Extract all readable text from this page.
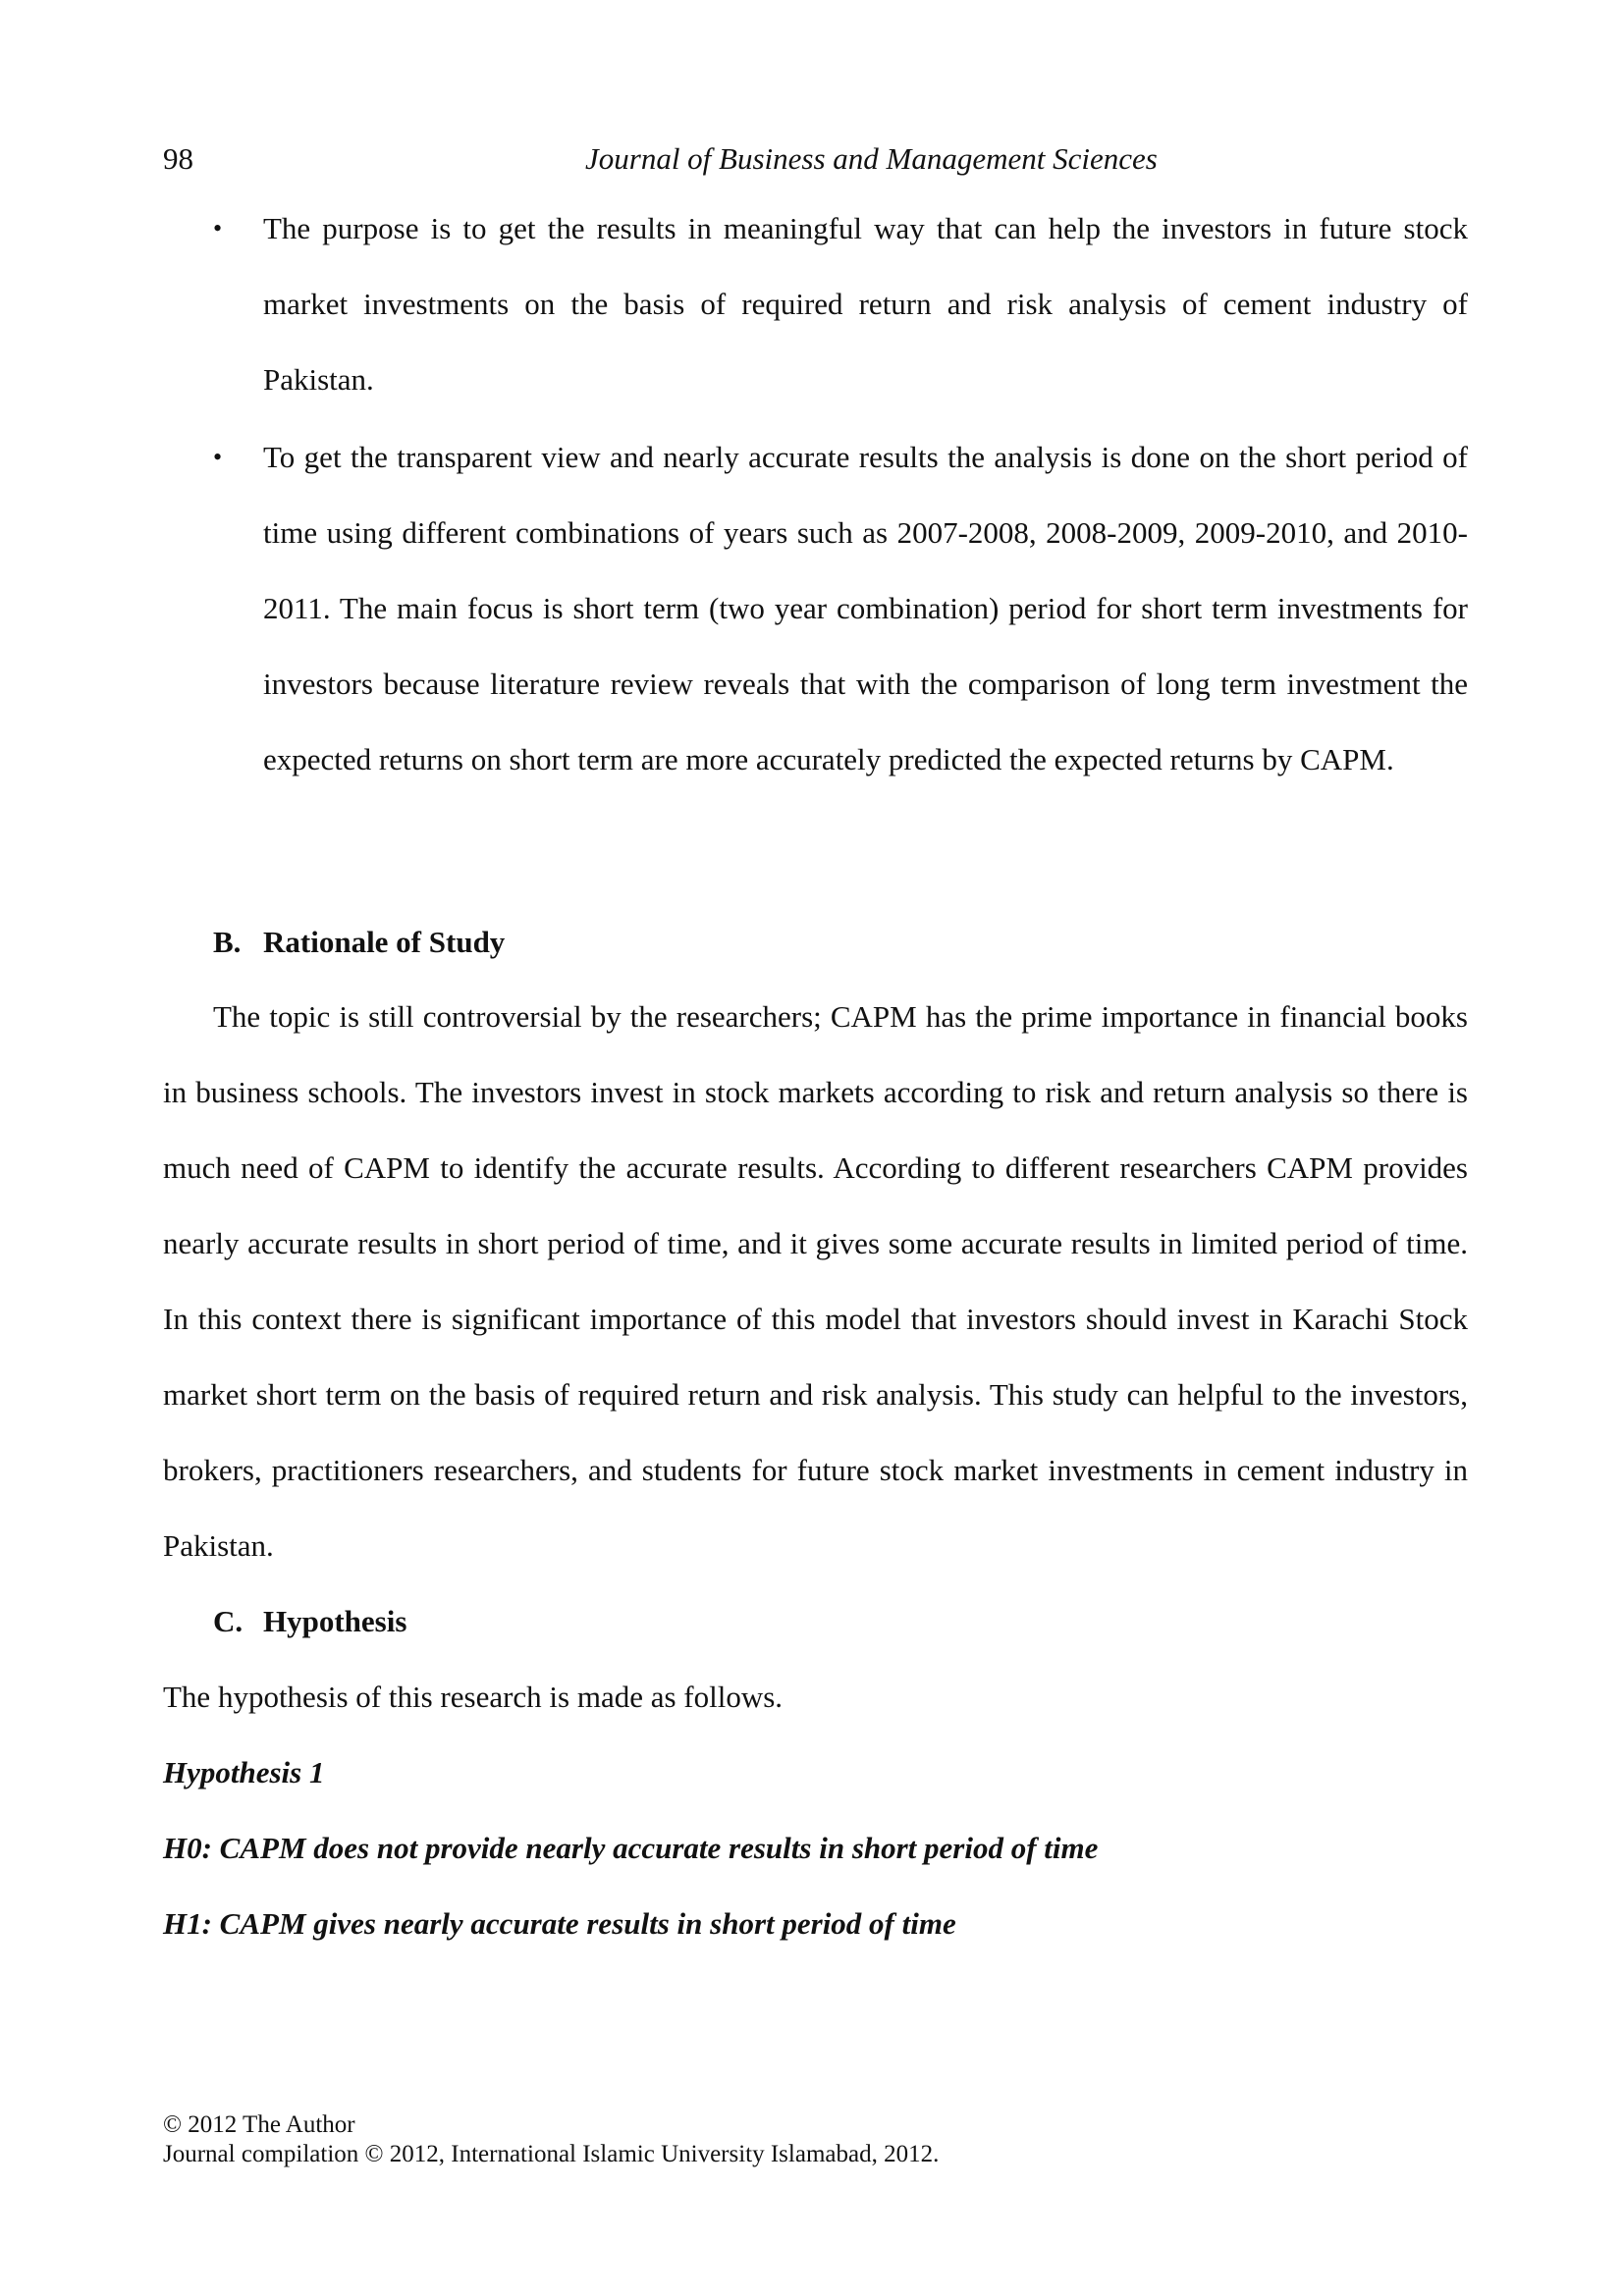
98	Journal of Business and Management Sciences
• The purpose is to get the results in meaningful way that can help the investors in future stock market investments on the basis of required return and risk analysis of cement industry of Pakistan.
• To get the transparent view and nearly accurate results the analysis is done on the short period of time using different combinations of years such as 2007-2008, 2008-2009, 2009-2010, and 2010-2011. The main focus is short term (two year combination) period for short term investments for investors because literature review reveals that with the comparison of long term investment the expected returns on short term are more accurately predicted the expected returns by CAPM.
B. Rationale of Study

The topic is still controversial by the researchers; CAPM has the prime importance in financial books in business schools. The investors invest in stock markets according to risk and return analysis so there is much need of CAPM to identify the accurate results. According to different researchers CAPM provides nearly accurate results in short period of time, and it gives some accurate results in limited period of time. In this context there is significant importance of this model that investors should invest in Karachi Stock market short term on the basis of required return and risk analysis. This study can helpful to the investors, brokers, practitioners researchers, and students for future stock market investments in cement industry in Pakistan.

C. Hypothesis
The hypothesis of this research is made as follows.
Hypothesis 1
H0: CAPM does not provide nearly accurate results in short period of time
H1: CAPM gives nearly accurate results in short period of time
© 2012 The Author
Journal compilation © 2012, International Islamic University Islamabad, 2012.
